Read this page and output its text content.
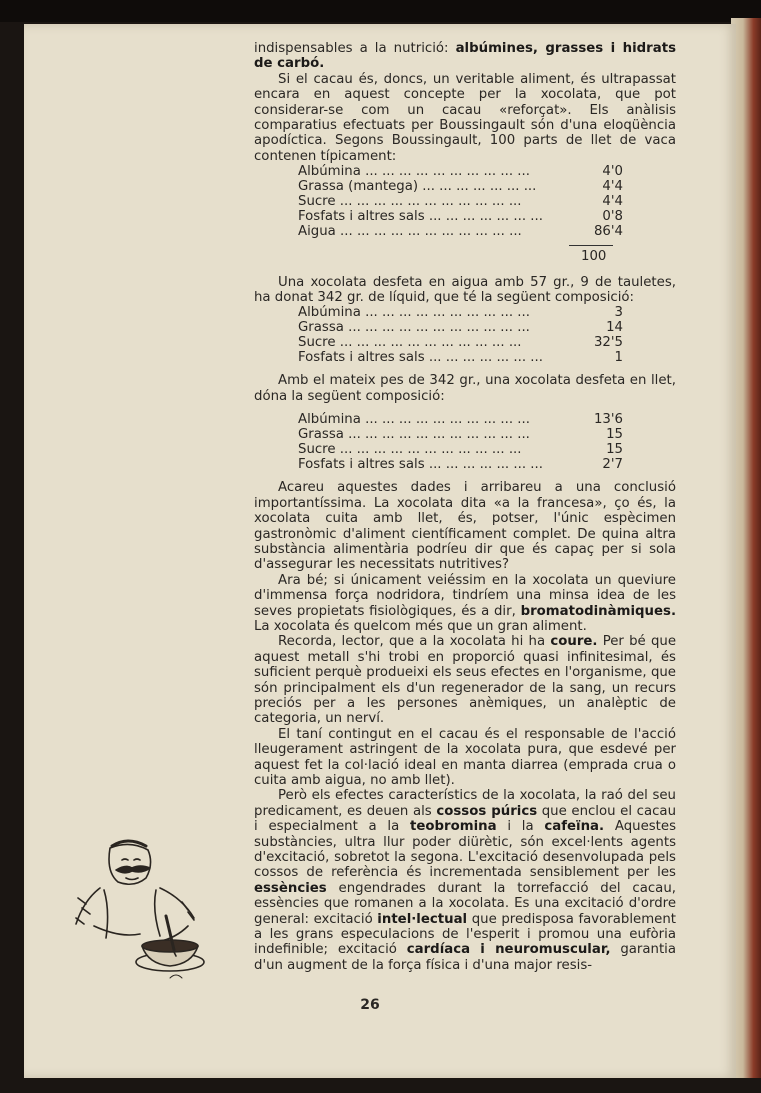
indispensables a la nutrició: albúmines, grasses i hidrats de carbó.

Si el cacau és, doncs, un veritable aliment, és ultrapassat encara en aquest concepte per la xocolata, que pot considerar-se com un cacau «reforçat». Els anàlisis comparatius efectuats per Boussingault són d'una eloqüència apodíctica. Segons Boussingault, 100 parts de llet de vaca contenen típicament:

Albúmina ... ... ... ... ... ... ... ... ... ...	4'0
Grassa (mantega) ... ... ... ... ... ... ...	4'4
Sucre ... ... ... ... ... ... ... ... ... ... ...	4'4
Fosfats i altres sals ... ... ... ... ... ... ...	0'8
Aigua ... ... ... ... ... ... ... ... ... ... ...	86'4
100

Una xocolata desfeta en aigua amb 57 gr., 9 de tauletes, ha donat 342 gr. de líquid, que té la següent composició:

Albúmina ... ... ... ... ... ... ... ... ... ...	3
Grassa ... ... ... ... ... ... ... ... ... ... ...	14
Sucre ... ... ... ... ... ... ... ... ... ... ...	32'5
Fosfats i altres sals ... ... ... ... ... ... ...	1

Amb el mateix pes de 342 gr., una xocolata desfeta en llet, dóna la següent composició:

Albúmina ... ... ... ... ... ... ... ... ... ...	13'6
Grassa ... ... ... ... ... ... ... ... ... ... ...	15
Sucre ... ... ... ... ... ... ... ... ... ... ...	15
Fosfats i altres sals ... ... ... ... ... ... ...	2'7

Acareu aquestes dades i arribareu a una conclusió importantíssima. La xocolata dita «a la francesa», ço és, la xocolata cuita amb llet, és, potser, l'únic espècimen gastronòmic d'aliment científicament complet. De quina altra substància alimentària podríeu dir que és capaç per si sola d'assegurar les necessitats nutritives?

Ara bé; si únicament veiéssim en la xocolata un queviure d'immensa força nodridora, tindríem una minsa idea de les seves propietats fisiològiques, és a dir, bromatodinàmiques. La xocolata és quelcom més que un gran aliment.

Recorda, lector, que a la xocolata hi ha coure. Per bé que aquest metall s'hi trobi en proporció quasi infinitesimal, és suficient perquè produeixi els seus efectes en l'organisme, que són principalment els d'un regenerador de la sang, un recurs preciós per a les persones anèmiques, un analèptic de categoria, un nerví.

El taní contingut en el cacau és el responsable de l'acció lleugerament astringent de la xocolata pura, que esdevé per aquest fet la col·lació ideal en manta diarrea (emprada crua o cuita amb aigua, no amb llet).

Però els efectes característics de la xocolata, la raó del seu predicament, es deuen als cossos púrics que enclou el cacau i especialment a la teobromina i la cafeïna. Aquestes substàncies, ultra llur poder diürètic, són excel·lents agents d'excitació, sobretot la segona. L'excitació desenvolupada pels cossos de referència és incrementada sensiblement per les essències engendrades durant la torrefacció del cacau, essències que romanen a la xocolata. Es una excitació d'ordre general: excitació intel·lectual que predisposa favorablement a les grans especulacions de l'esperit i promou una eufòria indefinible; excitació cardíaca i neuromuscular, garantia d'un augment de la força física i d'una major resis-

26
